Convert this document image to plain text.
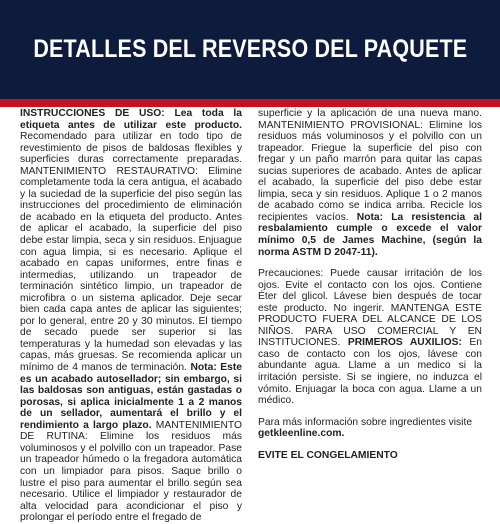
DETALLES DEL REVERSO DEL PAQUETE

INSTRUCCIONES DE USO: Lea toda la etiqueta antes de utilizar este producto. Recomendado para utilizar en todo tipo de revestimiento de pisos de baldosas flexibles y superficies duras correctamente preparadas. MANTENIMIENTO RESTAURATIVO: Elimine completamente toda la cera antigua, el acabado y la suciedad de la superficie del piso según las instrucciones del procedimiento de eliminación de acabado en la etiqueta del producto. Antes de aplicar el acabado, la superficie del piso debe estar limpia, seca y sin residuos. Enjuague con agua limpia, si es necesario. Aplique el acabado en capas uniformes, entre finas e intermedias, utilizando un trapeador de terminación sintético limpio, un trapeador de microfibra o un sistema aplicador. Deje secar bien cada capa antes de aplicar las siguientes; por lo general, entre 20 y 30 minutos. El tiempo de secado puede ser superior si las temperaturas y la humedad son elevadas y las capas, más gruesas. Se recomienda aplicar un mínimo de 4 manos de terminación. Nota: Este es un acabado autosellador; sin embargo, si las baldosas son antiguas, están gastadas o porosas, si aplica inicialmente 1 a 2 manos de un sellador, aumentará el brillo y el rendimiento a largo plazo. MANTENIMIENTO DE RUTINA: Elimine los residuos más voluminosos y el polvillo con un trapeador. Pase un trapeador húmedo o la fregadora automática con un limpiador para pisos. Saque brillo o lustre el piso para aumentar el brillo según sea necesario. Utilice el limpiador y restaurador de alta velocidad para acondicionar el piso y prolongar el período entre el fregado de

superficie y la aplicación de una nueva mano. MANTENIMIENTO PROVISIONAL: Elimine los residuos más voluminosos y el polvillo con un trapeador. Friegue la superficie del piso con fregar y un paño marrón para quitar las capas sucias superiores de acabado. Antes de aplicar el acabado, la superficie del piso debe estar limpia, seca y sin residuos. Aplique 1 o 2 manos de acabado como se indica arriba. Recicle los recipientes vacíos. Nota: La resistencia al resbalamiento cumple o excede el valor mínimo 0,5 de James Machine, (según la norma ASTM D 2047-11).

Precauciones: Puede causar irritación de los ojos. Evite el contacto con los ojos. Contiene Éter del glicol. Lávese bien después de tocar este producto. No ingerir. MANTENGA ESTE PRODUCTO FUERA DEL ALCANCE DE LOS NIÑOS. PARA USO COMERCIAL Y EN INSTITUCIONES. PRIMEROS AUXILIOS: En caso de contacto con los ojos, lávese con abundante agua. Llame a un medico si la irritación persiste. Si se ingiere, no induzca el vómito. Enjuagar la boca con agua. Llame a un médico.

Para más información sobre ingredientes visite getkleenline.com.

EVITE EL CONGELAMIENTO
